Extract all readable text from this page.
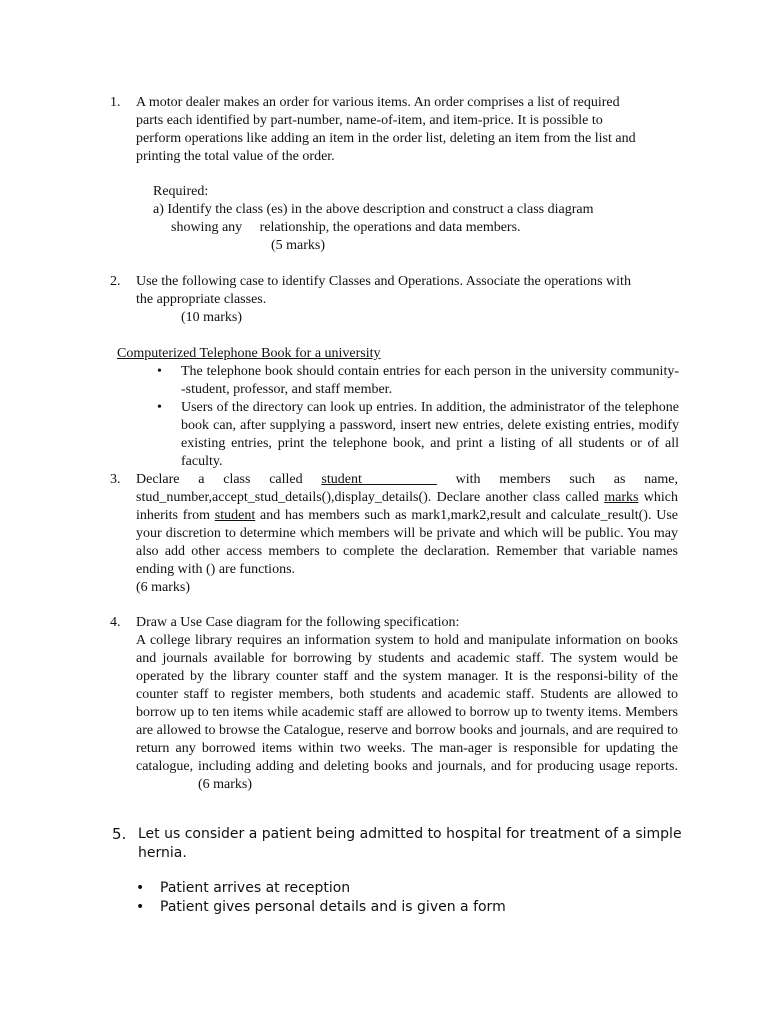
1.	A motor dealer makes an order for various items. An order comprises a list of required
parts each identified by part-number, name-of-item, and item-price. It is possible to
perform operations like adding an item in the order list, deleting an item from the list and
printing the total value of the order.
Required:
a) Identify the class (es) in the above description and construct a class diagram
showing any     relationship, the operations and data members.
(5 marks)
2.	Use the following case to identify Classes and Operations. Associate the operations with
the appropriate classes.
(10 marks)
Computerized Telephone Book for a university
• The telephone book should contain entries for each person in the university community--student, professor, and staff member.
• Users of the directory can look up entries. In addition, the administrator of the telephone book can, after supplying a password, insert new entries, delete existing entries, modify existing entries, print the telephone book, and print a listing of all students or of all faculty.
3.	Declare a class called student     with members such as name, stud_number,accept_stud_details(),display_details(). Declare another class called marks which inherits from student and has members such as mark1,mark2,result and calculate_result(). Use your discretion to determine which members will be private and which will be public. You may also add other access members to complete the declaration. Remember that variable names ending with () are functions.
(6 marks)
4.	Draw a Use Case diagram for the following specification:
A college library requires an information system to hold and manipulate information on books and journals available for borrowing by students and academic staff. The system would be operated by the library counter staff and the system manager. It is the responsi-bility of the counter staff to register members, both students and academic staff. Students are allowed to borrow up to ten items while academic staff are allowed to borrow up to twenty items. Members are allowed to browse the Catalogue, reserve and borrow books and journals, and are required to return any borrowed items within two weeks. The man-ager is responsible for updating the catalogue, including adding and deleting books and journals, and for producing usage reports.(6 marks)
5. Let us consider a patient being admitted to hospital for treatment of a simple
hernia.
• Patient arrives at reception
• Patient gives personal details and is given a form
